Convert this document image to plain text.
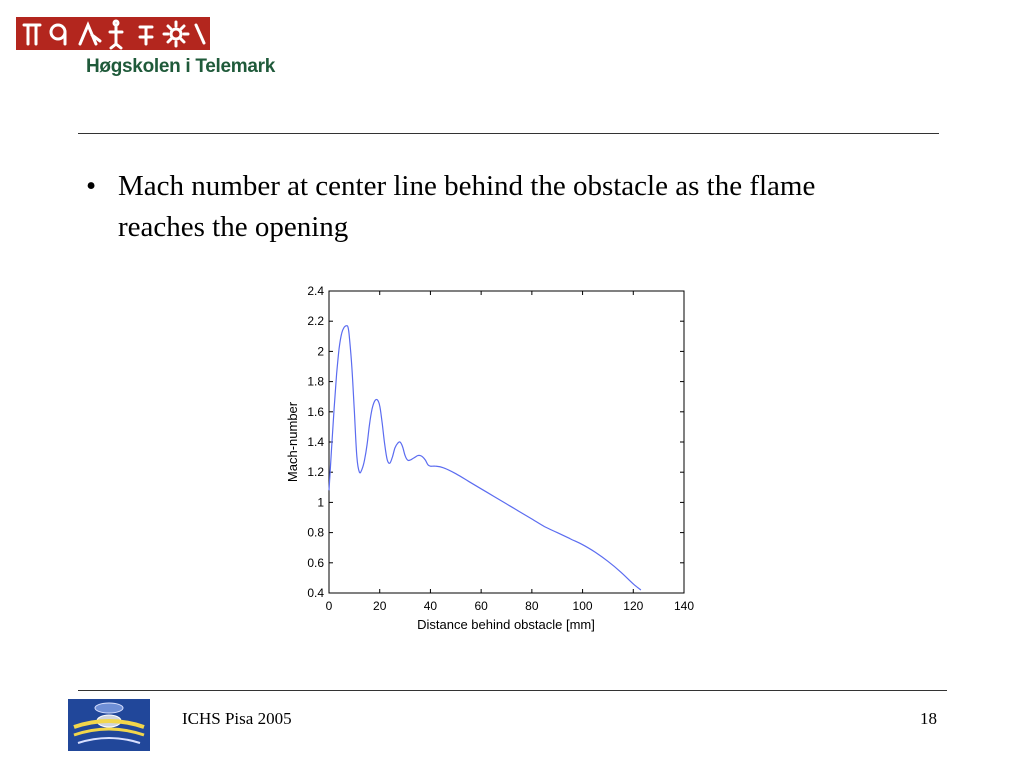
Høgskolen i Telemark
• Mach number at center line behind the obstacle as the flame reaches the opening
0	20	40	60	80	100	120	140
0.4
0.6
0.8
1
1.2
1.4
1.6
1.8
2
2.2
2.4
Distance behind obstacle [mm]
Mach-number
ICHS Pisa 2005	18
